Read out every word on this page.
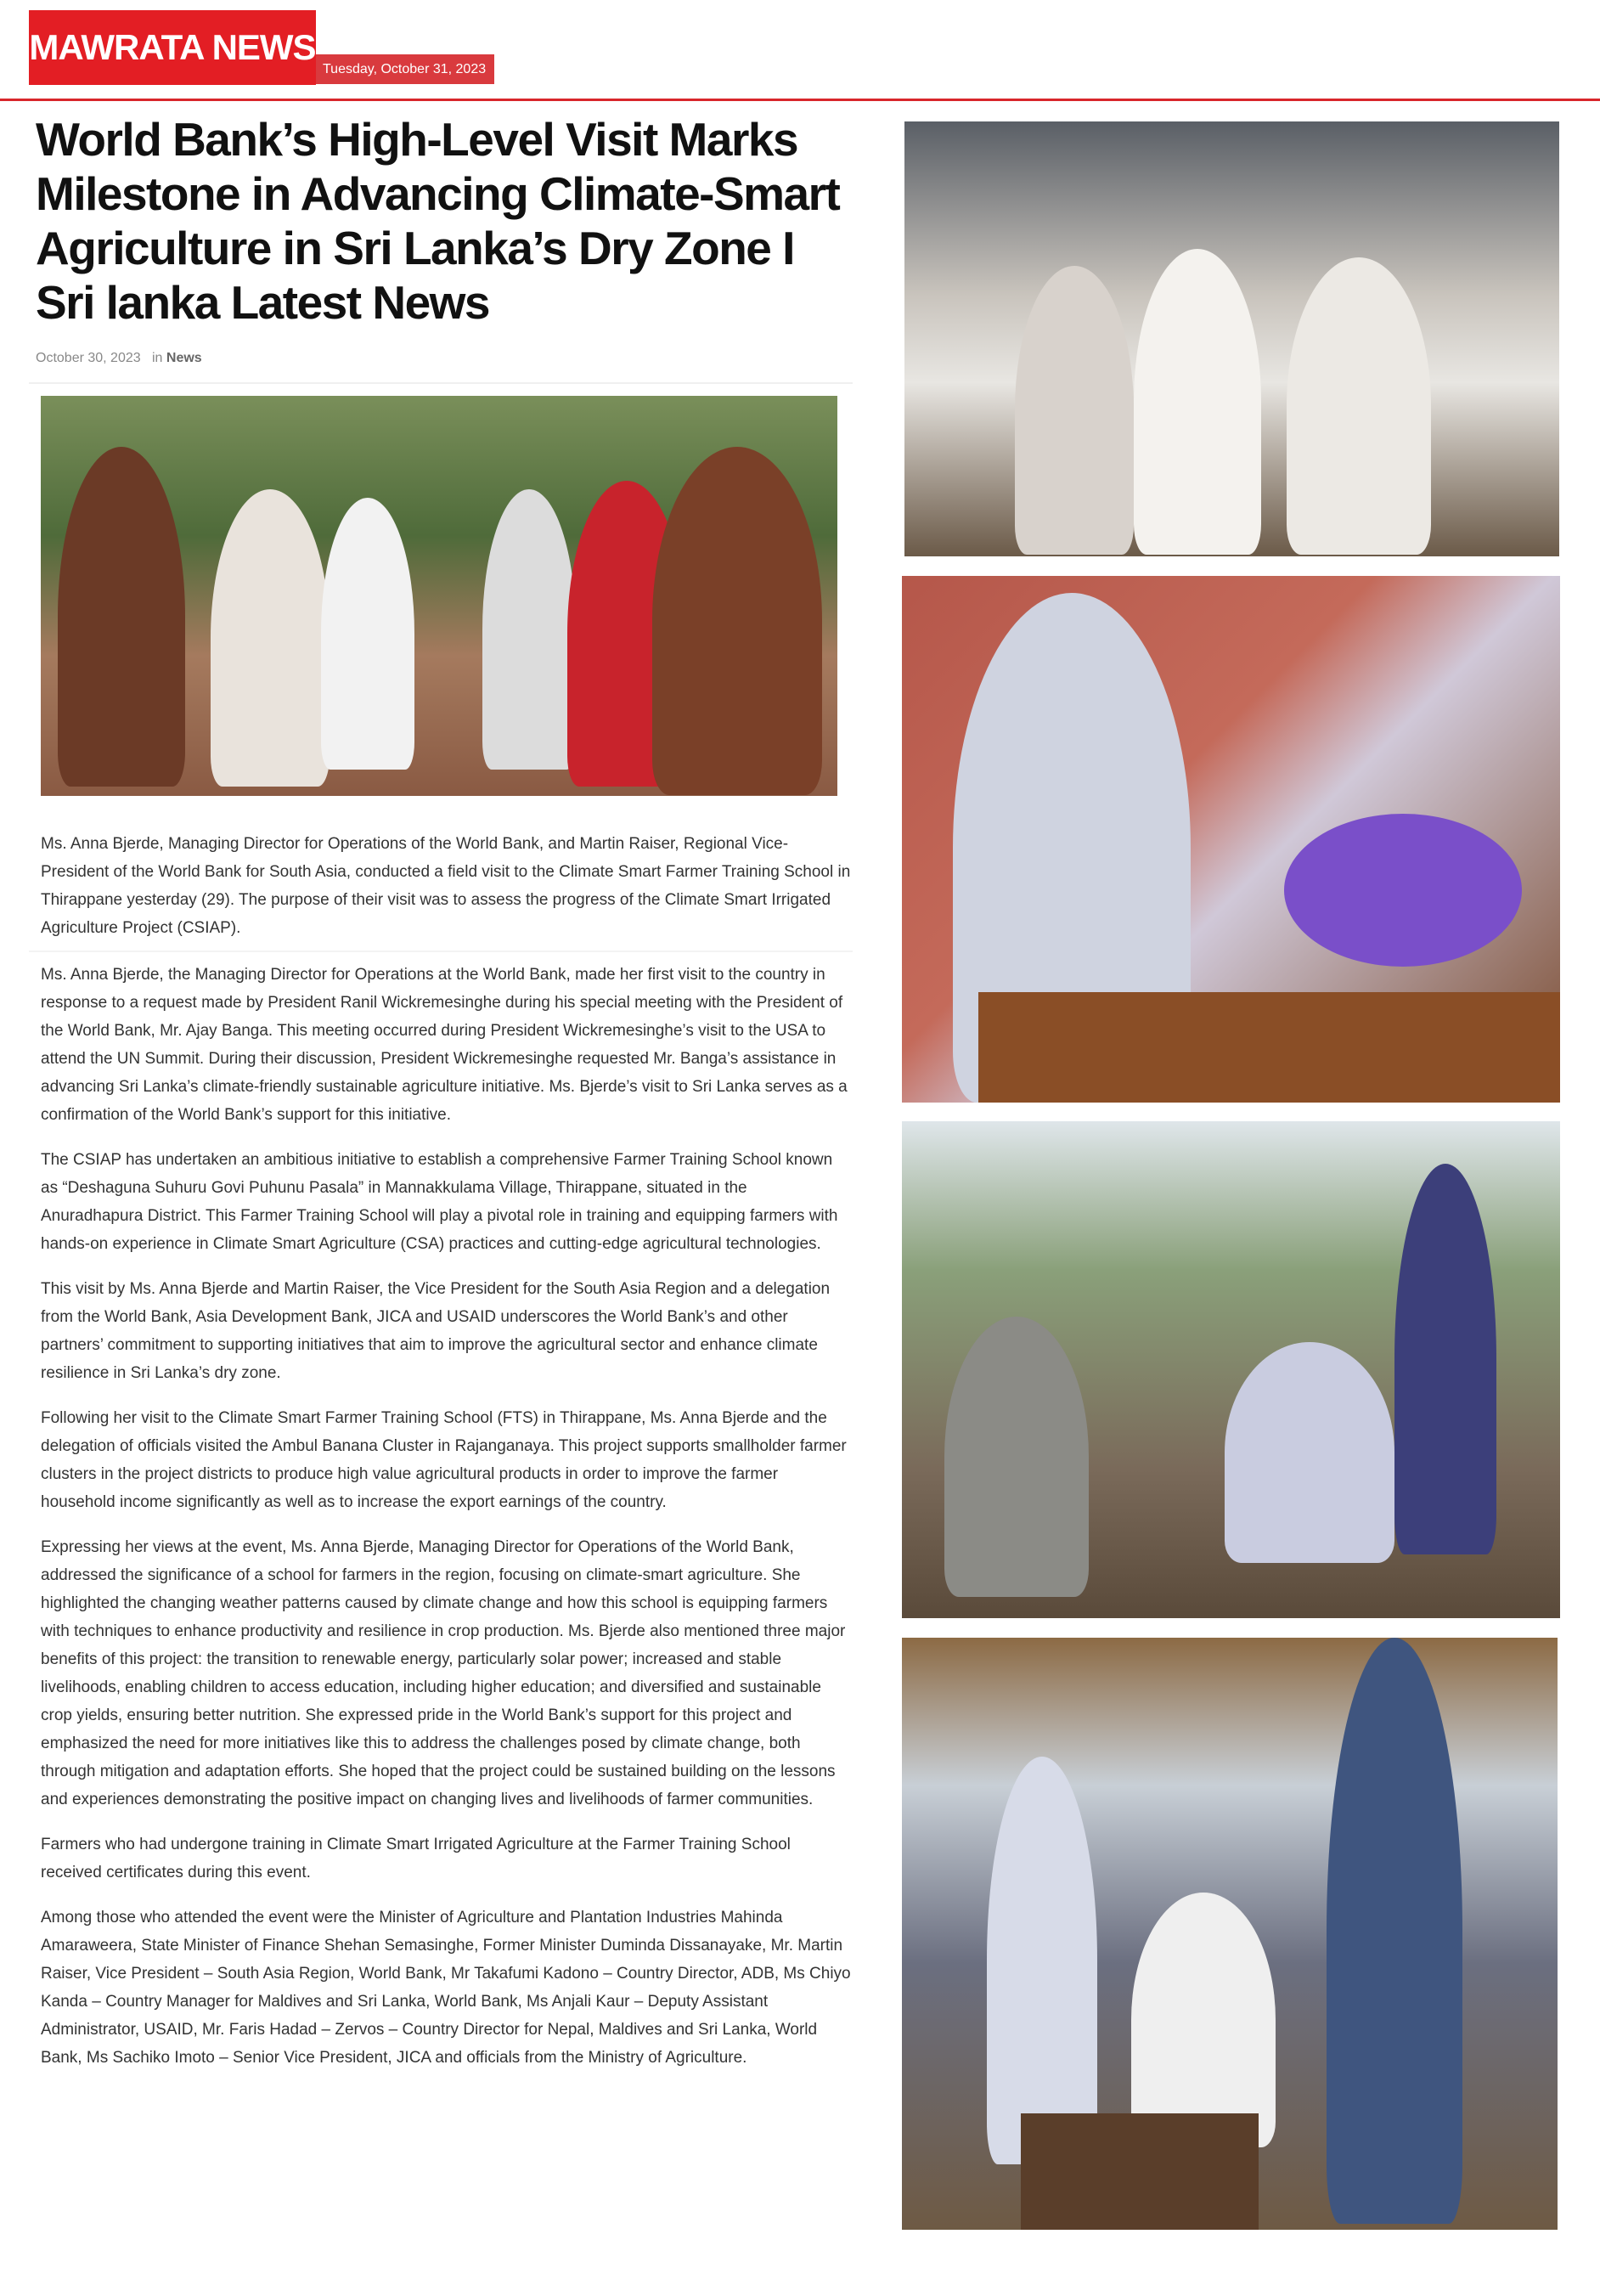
MAWRATA NEWS
Tuesday, October 31, 2023
World Bank’s High-Level Visit Marks Milestone in Advancing Climate-Smart Agriculture in Sri Lanka’s Dry Zone I Sri lanka Latest News
October 30, 2023 in News

Ms. Anna Bjerde, Managing Director for Operations of the World Bank, and Martin Raiser, Regional Vice-President of the World Bank for South Asia, conducted a field visit to the Climate Smart Farmer Training School in Thirappane yesterday (29). The purpose of their visit was to assess the progress of the Climate Smart Irrigated Agriculture Project (CSIAP).

Ms. Anna Bjerde, the Managing Director for Operations at the World Bank, made her first visit to the country in response to a request made by President Ranil Wickremesinghe during his special meeting with the President of the World Bank, Mr. Ajay Banga. This meeting occurred during President Wickremesinghe’s visit to the USA to attend the UN Summit. During their discussion, President Wickremesinghe requested Mr. Banga’s assistance in advancing Sri Lanka’s climate-friendly sustainable agriculture initiative. Ms. Bjerde’s visit to Sri Lanka serves as a confirmation of the World Bank’s support for this initiative.

The CSIAP has undertaken an ambitious initiative to establish a comprehensive Farmer Training School known as “Deshaguna Suhuru Govi Puhunu Pasala” in Mannakkulama Village, Thirappane, situated in the Anuradhapura District. This Farmer Training School will play a pivotal role in training and equipping farmers with hands-on experience in Climate Smart Agriculture (CSA) practices and cutting-edge agricultural technologies.

This visit by Ms. Anna Bjerde and Martin Raiser, the Vice President for the South Asia Region and a delegation from the World Bank, Asia Development Bank, JICA and USAID underscores the World Bank’s and other partners’ commitment to supporting initiatives that aim to improve the agricultural sector and enhance climate resilience in Sri Lanka’s dry zone.

Following her visit to the Climate Smart Farmer Training School (FTS) in Thirappane, Ms. Anna Bjerde and the delegation of officials visited the Ambul Banana Cluster in Rajanganaya. This project supports smallholder farmer clusters in the project districts to produce high value agricultural products in order to improve the farmer household income significantly as well as to increase the export earnings of the country.

Expressing her views at the event, Ms. Anna Bjerde, Managing Director for Operations of the World Bank, addressed the significance of a school for farmers in the region, focusing on climate-smart agriculture. She highlighted the changing weather patterns caused by climate change and how this school is equipping farmers with techniques to enhance productivity and resilience in crop production. Ms. Bjerde also mentioned three major benefits of this project: the transition to renewable energy, particularly solar power; increased and stable livelihoods, enabling children to access education, including higher education; and diversified and sustainable crop yields, ensuring better nutrition. She expressed pride in the World Bank’s support for this project and emphasized the need for more initiatives like this to address the challenges posed by climate change, both through mitigation and adaptation efforts. She hoped that the project could be sustained building on the lessons and experiences demonstrating the positive impact on changing lives and livelihoods of farmer communities.

Farmers who had undergone training in Climate Smart Irrigated Agriculture at the Farmer Training School received certificates during this event.

Among those who attended the event were the Minister of Agriculture and Plantation Industries Mahinda Amaraweera, State Minister of Finance Shehan Semasinghe, Former Minister Duminda Dissanayake, Mr. Martin Raiser, Vice President – South Asia Region, World Bank, Mr Takafumi Kadono – Country Director, ADB, Ms Chiyo Kanda – Country Manager for Maldives and Sri Lanka, World Bank, Ms Anjali Kaur – Deputy Assistant Administrator, USAID, Mr. Faris Hadad – Zervos – Country Director for Nepal, Maldives and Sri Lanka, World Bank, Ms Sachiko Imoto – Senior Vice President, JICA and officials from the Ministry of Agriculture.
